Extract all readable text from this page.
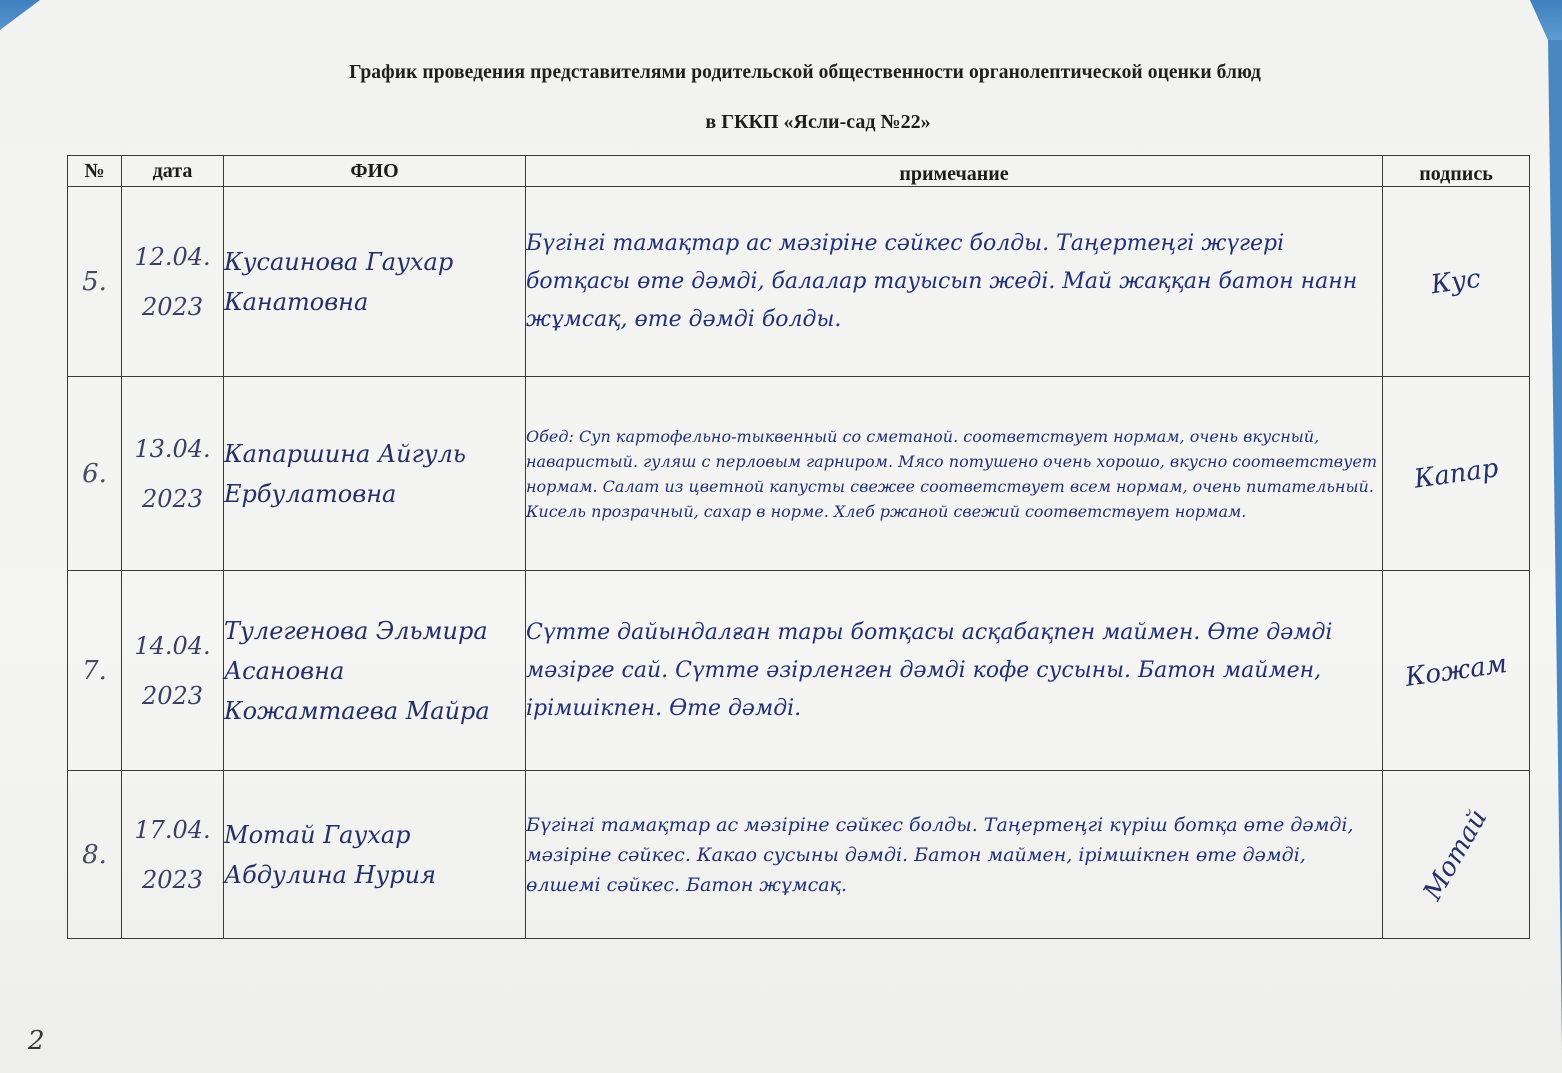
График проведения представителями родительской общественности органолептической оценки блюд
в ГККП «Ясли-сад №22»
№	дата	ФИО	примечание	подпись
5.	12.04. 2023	Кусаинова Гаухар Канатовна	Бүгінгі тамақтар ас мәзіріне сәйкес болды. Таңертеңгі жүгері ботқасы өте дәмді, балалар тауысып жеді. Май жаққан батон нанн жұмсақ, өте дәмді болды.	Кус
6.	13.04. 2023	Капаршина Айгуль Ербулатовна	Обед: Суп картофельно-тыквенный со сметаной. соответствует нормам, очень вкусный, наваристый. гуляш с перловым гарниром. Мясо потушено очень хорошо, вкусно соответствует нормам. Салат из цветной капусты свежее соответствует всем нормам, очень питательный. Кисель прозрачный, сахар в норме. Хлеб ржаной свежий соответствует нормам.	Капар
7.	14.04. 2023	Тулегенова Эльмира Асановна Кожамтаева Майра	Сүтте дайындалған тары ботқасы асқабақпен маймен. Өте дәмді мәзірге сай. Сүтте әзірленген дәмді кофе сусыны. Батон маймен, ірімшікпен. Өте дәмді.	Кожам
8.	17.04. 2023	Мотай Гаухар Абдулина Нурия	Бүгінгі тамақтар ас мәзіріне сәйкес болды. Таңертеңгі күріш ботқа өте дәмді, мәзіріне сәйкес. Какао сусыны дәмді. Батон маймен, ірімшікпен өте дәмді, өлшемі сәйкес. Батон жұмсақ.	Мотай
2
